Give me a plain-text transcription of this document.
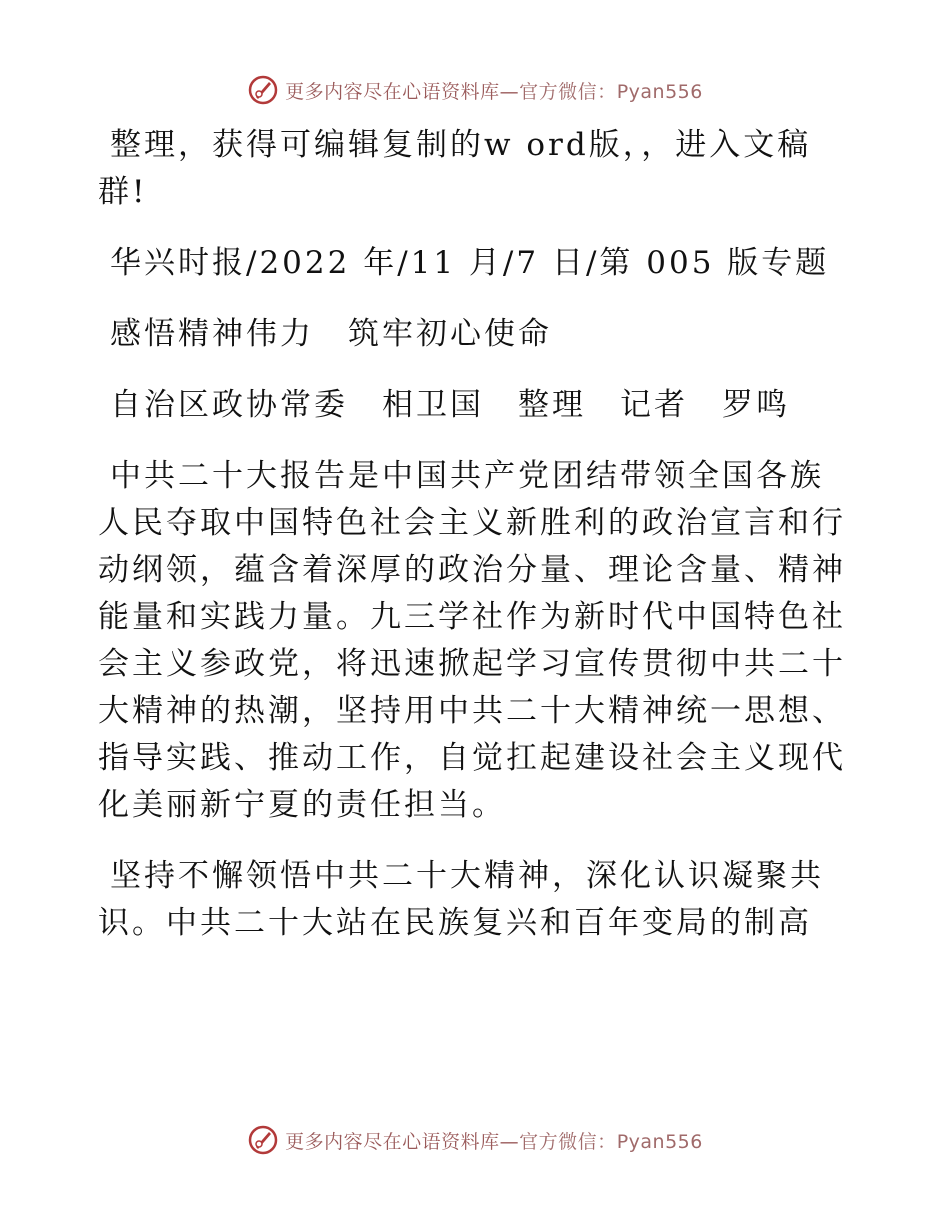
更多内容尽在心语资料库—官方微信：Pyan556

整理，获得可编辑复制的w ord版，，进入文稿群!

华兴时报/2022 年/11 月/7 日/第 005 版专题

感悟精神伟力　筑牢初心使命

自治区政协常委　相卫国　整理　记者　罗鸣

中共二十大报告是中国共产党团结带领全国各族人民夺取中国特色社会主义新胜利的政治宣言和行动纲领，蕴含着深厚的政治分量、理论含量、精神能量和实践力量。九三学社作为新时代中国特色社会主义参政党，将迅速掀起学习宣传贯彻中共二十大精神的热潮，坚持用中共二十大精神统一思想、指导实践、推动工作，自觉扛起建设社会主义现代化美丽新宁夏的责任担当。

坚持不懈领悟中共二十大精神，深化认识凝聚共识。中共二十大站在民族复兴和百年变局的制高

更多内容尽在心语资料库—官方微信：Pyan556
